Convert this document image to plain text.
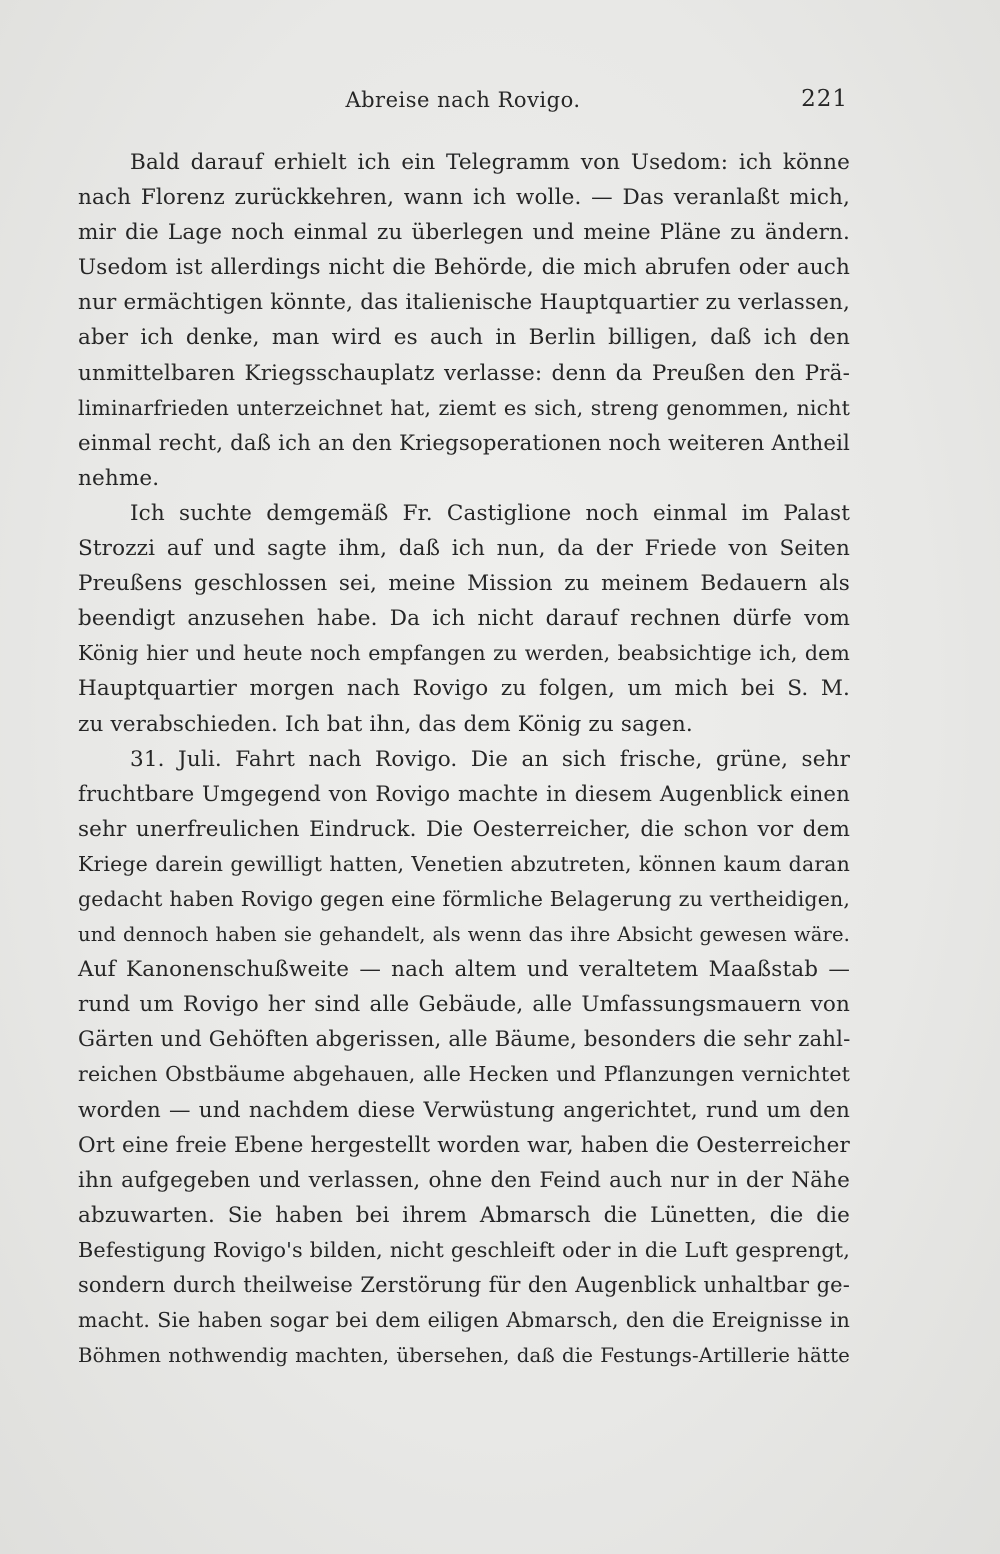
Abreise nach Rovigo.	221
Bald darauf erhielt ich ein Telegramm von Usedom: ich könne
nach Florenz zurückkehren, wann ich wolle. — Das veranlaßt mich,
mir die Lage noch einmal zu überlegen und meine Pläne zu ändern.
Usedom ist allerdings nicht die Behörde, die mich abrufen oder auch
nur ermächtigen könnte, das italienische Hauptquartier zu verlassen,
aber ich denke, man wird es auch in Berlin billigen, daß ich den
unmittelbaren Kriegsschauplatz verlasse: denn da Preußen den Prä-
liminarfrieden unterzeichnet hat, ziemt es sich, streng genommen, nicht
einmal recht, daß ich an den Kriegsoperationen noch weiteren Antheil
nehme.
Ich suchte demgemäß Fr. Castiglione noch einmal im Palast
Strozzi auf und sagte ihm, daß ich nun, da der Friede von Seiten
Preußens geschlossen sei, meine Mission zu meinem Bedauern als
beendigt anzusehen habe. Da ich nicht darauf rechnen dürfe vom
König hier und heute noch empfangen zu werden, beabsichtige ich, dem
Hauptquartier morgen nach Rovigo zu folgen, um mich bei S. M.
zu verabschieden. Ich bat ihn, das dem König zu sagen.
31. Juli. Fahrt nach Rovigo. Die an sich frische, grüne, sehr
fruchtbare Umgegend von Rovigo machte in diesem Augenblick einen
sehr unerfreulichen Eindruck. Die Oesterreicher, die schon vor dem
Kriege darein gewilligt hatten, Venetien abzutreten, können kaum daran
gedacht haben Rovigo gegen eine förmliche Belagerung zu vertheidigen,
und dennoch haben sie gehandelt, als wenn das ihre Absicht gewesen wäre.
Auf Kanonenschußweite — nach altem und veraltetem Maaßstab —
rund um Rovigo her sind alle Gebäude, alle Umfassungsmauern von
Gärten und Gehöften abgerissen, alle Bäume, besonders die sehr zahl-
reichen Obstbäume abgehauen, alle Hecken und Pflanzungen vernichtet
worden — und nachdem diese Verwüstung angerichtet, rund um den
Ort eine freie Ebene hergestellt worden war, haben die Oesterreicher
ihn aufgegeben und verlassen, ohne den Feind auch nur in der Nähe
abzuwarten. Sie haben bei ihrem Abmarsch die Lünetten, die die
Befestigung Rovigo's bilden, nicht geschleift oder in die Luft gesprengt,
sondern durch theilweise Zerstörung für den Augenblick unhaltbar ge-
macht. Sie haben sogar bei dem eiligen Abmarsch, den die Ereignisse in
Böhmen nothwendig machten, übersehen, daß die Festungs-Artillerie hätte
